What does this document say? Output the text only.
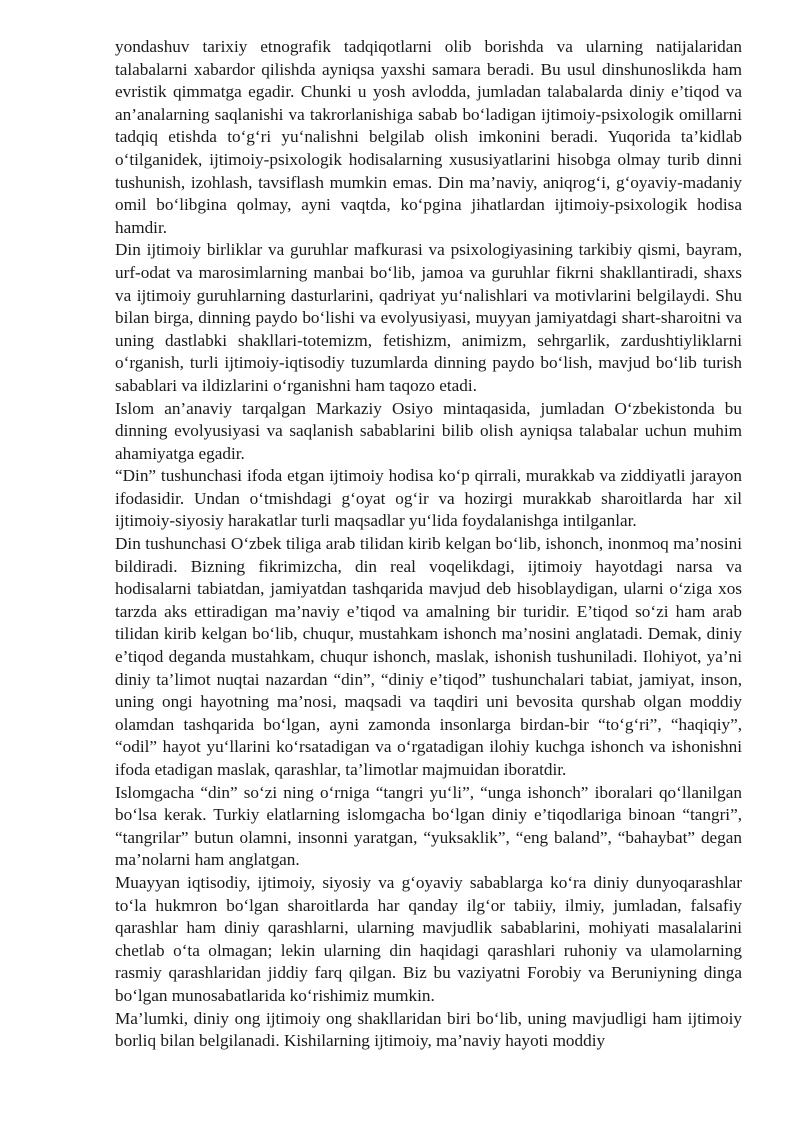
yondashuv tarixiy etnografik tadqiqotlarni olib borishda va ularning natijalaridan talabalarni xabardor qilishda ayniqsa yaxshi samara beradi. Bu usul dinshunoslikda ham evristik qimmatga egadir. Chunki u yosh avlodda, jumladan talabalarda diniy e’tiqod va an’analarning saqlanishi va takrorlanishiga sabab bo‘ladigan ijtimoiy-psixologik omillarni tadqiq etishda to‘g‘ri yu‘nalishni belgilab olish imkonini beradi. Yuqorida ta’kidlab o‘tilganidek, ijtimoiy-psixologik hodisalarning xususiyatlarini hisobga olmay turib dinni tushunish, izohlash, tavsiflash mumkin emas. Din ma’naviy, aniqrog‘i, g‘oyaviy-madaniy omil bo‘libgina qolmay, ayni vaqtda, ko‘pgina jihatlardan ijtimoiy-psixologik hodisa hamdir.

Din ijtimoiy birliklar va guruhlar mafkurasi va psixologiyasining tarkibiy qismi, bayram, urf-odat va marosimlarning manbai bo‘lib, jamoa va guruhlar fikrni shakllantiradi, shaxs va ijtimoiy guruhlarning dasturlarini, qadriyat yu‘nalishlari va motivlarini belgilaydi. Shu bilan birga, dinning paydo bo‘lishi va evolyusiyasi, muyyan jamiyatdagi shart-sharoitni va uning dastlabki shakllari-totemizm, fetishizm, animizm, sehrgarlik, zardushtiyliklarni o‘rganish, turli ijtimoiy-iqtisodiy tuzumlarda dinning paydo bo‘lish, mavjud bo‘lib turish sabablari va ildizlarini o‘rganishni ham taqozo etadi.

Islom an’anaviy tarqalgan Markaziy Osiyo mintaqasida, jumladan O‘zbekistonda bu dinning evolyusiyasi va saqlanish sabablarini bilib olish ayniqsa talabalar uchun muhim ahamiyatga egadir.

“Din” tushunchasi ifoda etgan ijtimoiy hodisa ko‘p qirrali, murakkab va ziddiyatli jarayon ifodasidir. Undan o‘tmishdagi g‘oyat og‘ir va hozirgi murakkab sharoitlarda har xil ijtimoiy-siyosiy harakatlar turli maqsadlar yu‘lida foydalanishga intilganlar.

Din tushunchasi O‘zbek tiliga arab tilidan kirib kelgan bo‘lib, ishonch, inonmoq ma’nosini bildiradi. Bizning fikrimizcha, din real voqelikdagi, ijtimoiy hayotdagi narsa va hodisalarni tabiatdan, jamiyatdan tashqarida mavjud deb hisoblaydigan, ularni o‘ziga xos tarzda aks ettiradigan ma’naviy e’tiqod va amalning bir turidir. E’tiqod so‘zi ham arab tilidan kirib kelgan bo‘lib, chuqur, mustahkam ishonch ma’nosini anglatadi. Demak, diniy e’tiqod deganda mustahkam, chuqur ishonch, maslak, ishonish tushuniladi. Ilohiyot, ya’ni diniy ta’limot nuqtai nazardan “din”, “diniy e’tiqod” tushunchalari tabiat, jamiyat, inson, uning ongi hayotning ma’nosi, maqsadi va taqdiri uni bevosita qurshab olgan moddiy olamdan tashqarida bo‘lgan, ayni zamonda insonlarga birdan-bir “to‘g‘ri”, “haqiqiy”, “odil” hayot yu‘llarini ko‘rsatadigan va o‘rgatadigan ilohiy kuchga ishonch va ishonishni ifoda etadigan maslak, qarashlar, ta’limotlar majmuidan iboratdir.

Islomgacha “din” so‘zi ning o‘rniga “tangri yu‘li”, “unga ishonch” iboralari qo‘llanilgan bo‘lsa kerak. Turkiy elatlarning islomgacha bo‘lgan diniy e’tiqodlariga binoan “tangri”, “tangrilar” butun olamni, insonni yaratgan, “yuksaklik”, “eng baland”, “bahaybat” degan ma’nolarni ham anglatgan.

Muayyan iqtisodiy, ijtimoiy, siyosiy va g‘oyaviy sabablarga ko‘ra diniy dunyoqarashlar to‘la hukmron bo‘lgan sharoitlarda har qanday ilg‘or tabiiy, ilmiy, jumladan, falsafiy qarashlar ham diniy qarashlarni, ularning mavjudlik sabablarini, mohiyati masalalarini chetlab o‘ta olmagan; lekin ularning din haqidagi qarashlari ruhoniy va ulamolarning rasmiy qarashlaridan jiddiy farq qilgan. Biz bu vaziyatni Forobiy va Beruniyning dinga bo‘lgan munosabatlarida ko‘rishimiz mumkin.

Ma’lumki, diniy ong ijtimoiy ong shakllaridan biri bo‘lib, uning mavjudligi ham ijtimoiy borliq bilan belgilanadi. Kishilarning ijtimoiy, ma’naviy hayoti moddiy
